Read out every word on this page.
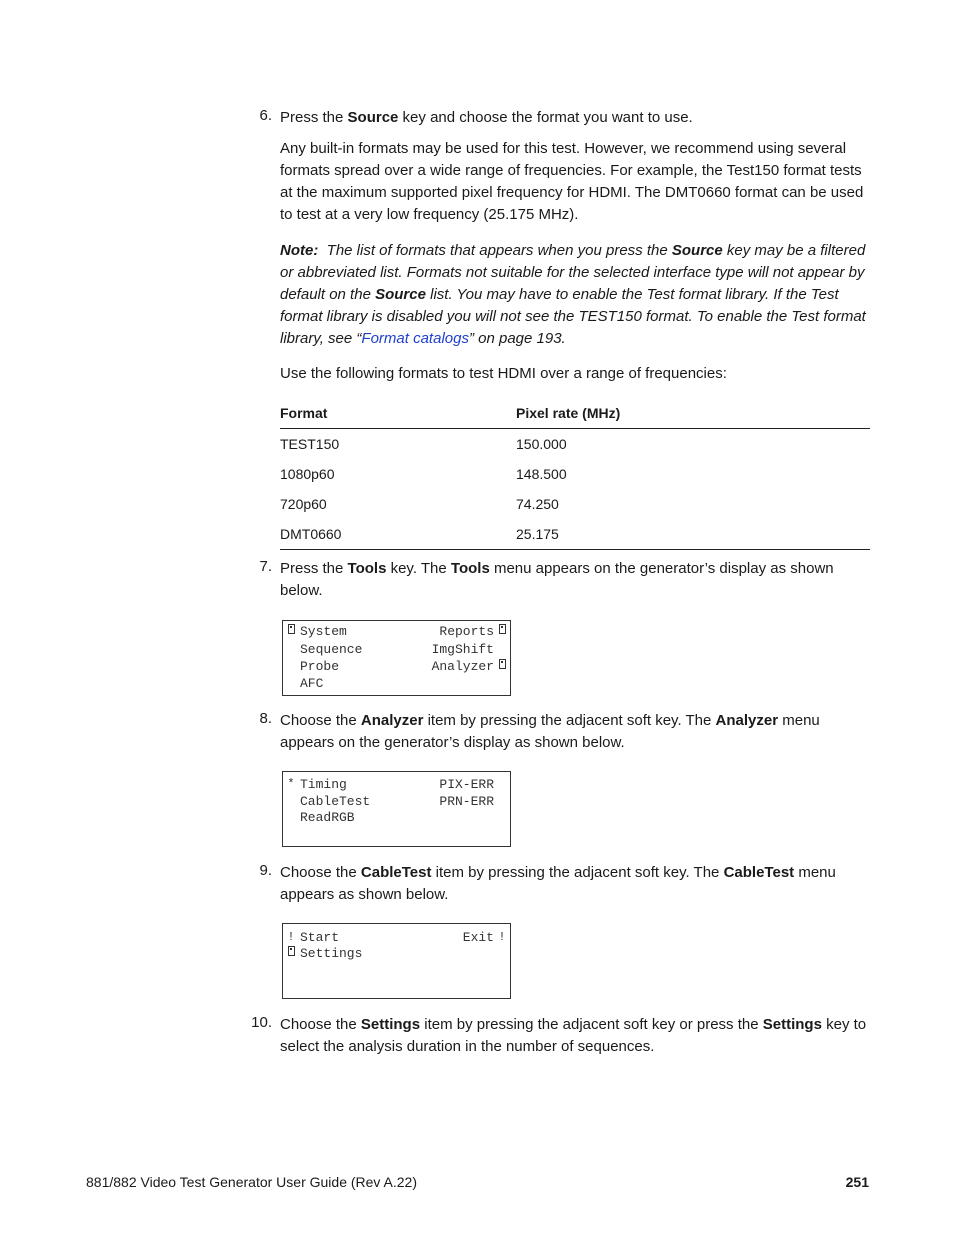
6. Press the Source key and choose the format you want to use.
Any built-in formats may be used for this test. However, we recommend using several formats spread over a wide range of frequencies. For example, the Test150 format tests at the maximum supported pixel frequency for HDMI. The DMT0660 format can be used to test at a very low frequency (25.175 MHz).
Note: The list of formats that appears when you press the Source key may be a filtered or abbreviated list. Formats not suitable for the selected interface type will not appear by default on the Source list. You may have to enable the Test format library. If the Test format library is disabled you will not see the TEST150 format. To enable the Test format library, see “Format catalogs” on page 193.
Use the following formats to test HDMI over a range of frequencies:
Format	Pixel rate (MHz)
TEST150	150.000
1080p60	148.500
720p60	74.250
DMT0660	25.175
7. Press the Tools key. The Tools menu appears on the generator’s display as shown below.
System	Reports
Sequence	ImgShift
Probe	Analyzer
AFC
8. Choose the Analyzer item by pressing the adjacent soft key. The Analyzer menu appears on the generator’s display as shown below.
* Timing	PIX-ERR
CableTest	PRN-ERR
ReadRGB
9. Choose the CableTest item by pressing the adjacent soft key. The CableTest menu appears as shown below.
! Start	Exit !
Settings
10. Choose the Settings item by pressing the adjacent soft key or press the Settings key to select the analysis duration in the number of sequences.
881/882 Video Test Generator User Guide (Rev A.22)	251
